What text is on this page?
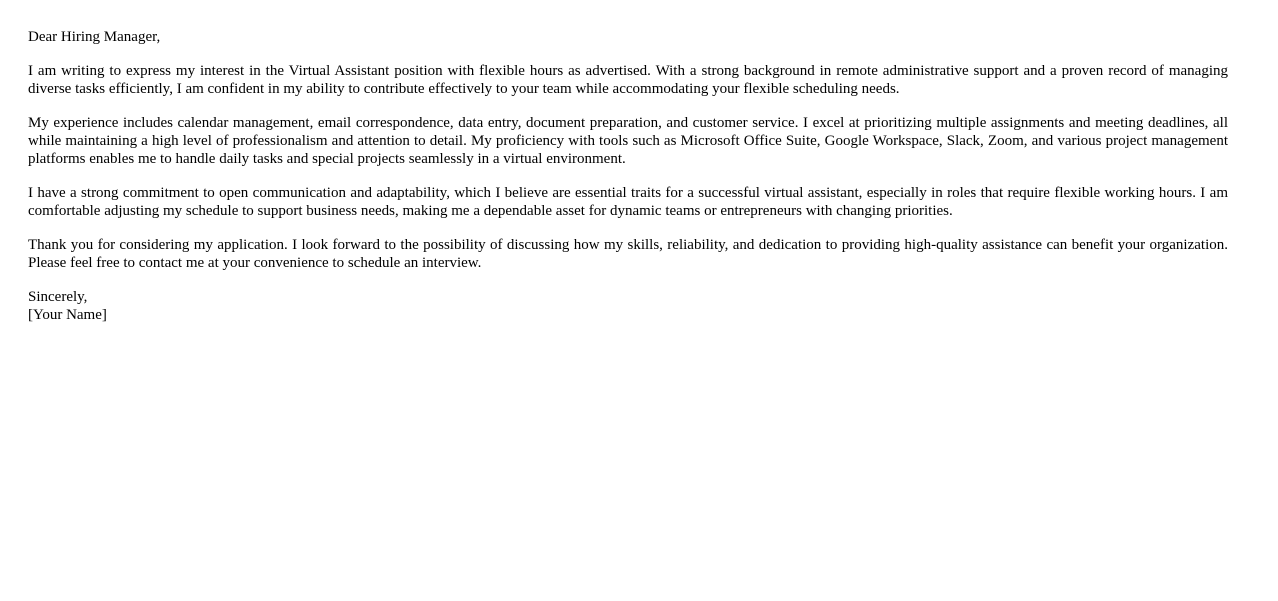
Dear Hiring Manager,

I am writing to express my interest in the Virtual Assistant position with flexible hours as advertised. With a strong background in remote administrative support and a proven record of managing diverse tasks efficiently, I am confident in my ability to contribute effectively to your team while accommodating your flexible scheduling needs.

My experience includes calendar management, email correspondence, data entry, document preparation, and customer service. I excel at prioritizing multiple assignments and meeting deadlines, all while maintaining a high level of professionalism and attention to detail. My proficiency with tools such as Microsoft Office Suite, Google Workspace, Slack, Zoom, and various project management platforms enables me to handle daily tasks and special projects seamlessly in a virtual environment.

I have a strong commitment to open communication and adaptability, which I believe are essential traits for a successful virtual assistant, especially in roles that require flexible working hours. I am comfortable adjusting my schedule to support business needs, making me a dependable asset for dynamic teams or entrepreneurs with changing priorities.

Thank you for considering my application. I look forward to the possibility of discussing how my skills, reliability, and dedication to providing high-quality assistance can benefit your organization. Please feel free to contact me at your convenience to schedule an interview.

Sincerely,
[Your Name]
